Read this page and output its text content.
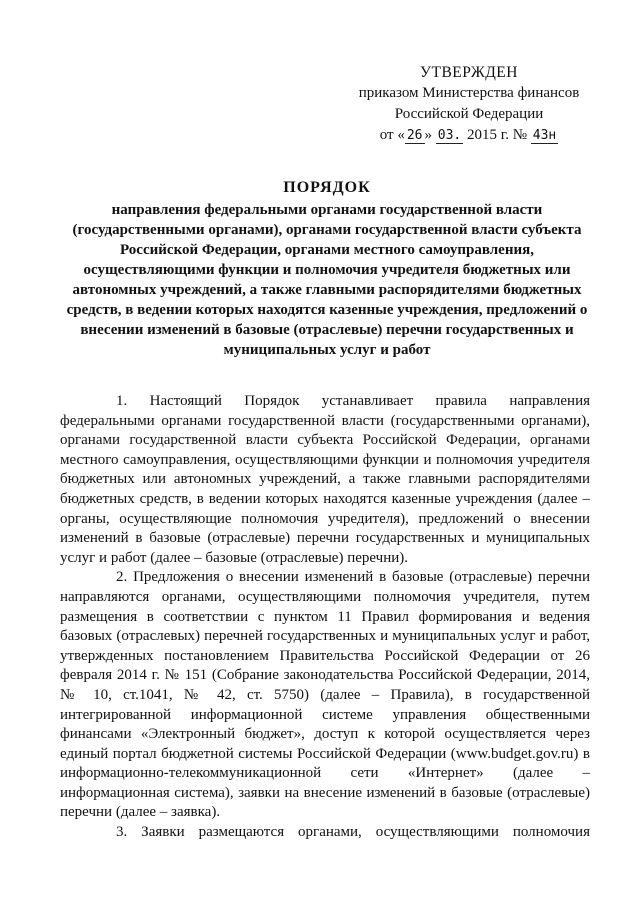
УТВЕРЖДЕН
приказом Министерства финансов
Российской Федерации
от « 26 » 03. 2015 г. № 43н
ПОРЯДОК
направления федеральными органами государственной власти
(государственными органами), органами государственной власти субъекта
Российской Федерации, органами местного самоуправления,
осуществляющими функции и полномочия учредителя бюджетных или
автономных учреждений, а также главными распорядителями бюджетных
средств, в ведении которых находятся казенные учреждения, предложений о
внесении изменений в базовые (отраслевые) перечни государственных и
муниципальных услуг и работ
1. Настоящий Порядок устанавливает правила направления
федеральными органами государственной власти (государственными органами),
органами государственной власти субъекта Российской Федерации, органами
местного самоуправления, осуществляющими функции и полномочия учредителя
бюджетных или автономных учреждений, а также главными распорядителями
бюджетных средств, в ведении которых находятся казенные учреждения (далее –
органы, осуществляющие полномочия учредителя), предложений о внесении
изменений в базовые (отраслевые) перечни государственных и муниципальных
услуг и работ (далее – базовые (отраслевые) перечни).
2. Предложения о внесении изменений в базовые (отраслевые) перечни
направляются органами, осуществляющими полномочия учредителя, путем
размещения в соответствии с пунктом 11 Правил формирования и ведения
базовых (отраслевых) перечней государственных и муниципальных услуг и работ,
утвержденных постановлением Правительства Российской Федерации от 26
февраля 2014 г. № 151 (Собрание законодательства Российской Федерации, 2014,
№ 10, ст.1041, № 42, ст. 5750) (далее – Правила), в государственной
интегрированной информационной системе управления общественными
финансами «Электронный бюджет», доступ к которой осуществляется через
единый портал бюджетной системы Российской Федерации (www.budget.gov.ru) в
информационно-телекоммуникационной сети «Интернет» (далее –
информационная система), заявки на внесение изменений в базовые (отраслевые)
перечни (далее – заявка).
3. Заявки размещаются органами, осуществляющими полномочия
